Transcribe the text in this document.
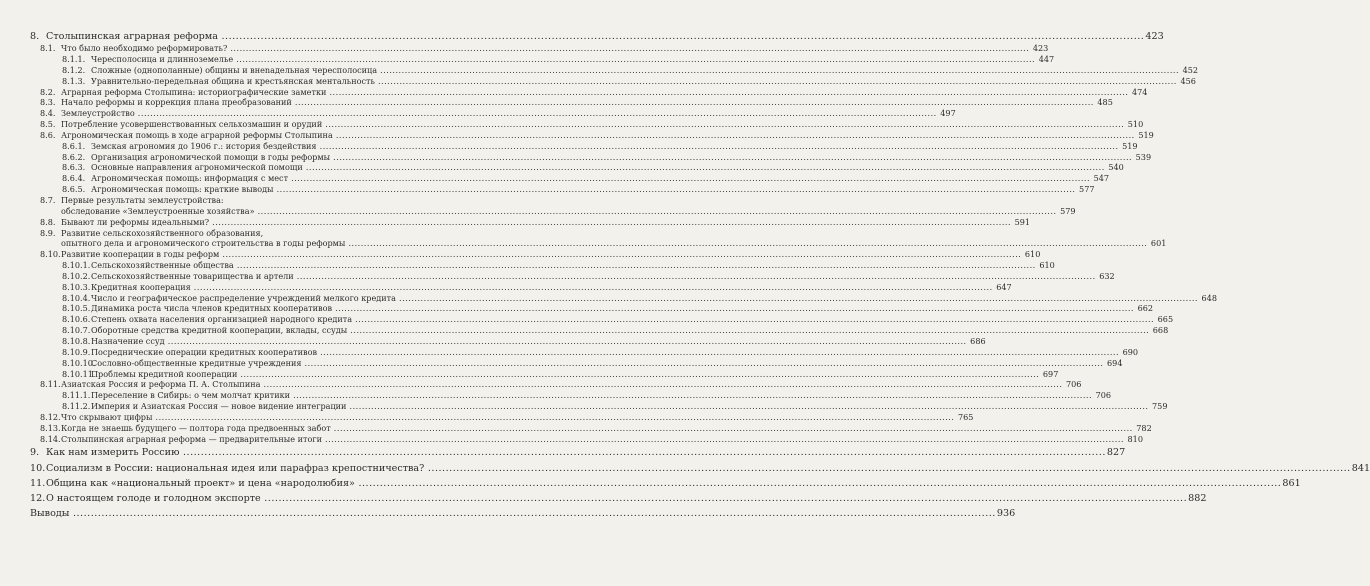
8. Столыпинская аграрная реформа .....	423
8.1. Что было необходимо реформировать? .....	423
8.1.1. Чересполосица и длинноземелье .....	447
8.1.2. Сложные (однополанные) общины и внеnадельная чересполосица .....	452
8.1.3. Уравнительно-передельная община и крестьянская ментальность .....	456
8.2. Аграрная реформа Столыпина: историографические заметки .....	474
8.3. Начало реформы и коррекция плана преобразований .....	485
8.4. Землеустройство .....	497
8.5. Потребление усовершенствованных сельхозмашин и орудий .....	510
8.6. Агрономическая помощь в ходе аграрной реформы Столыпина .....	519
8.6.1. Земская агрономия до 1906 г.: история бездействия .....	519
8.6.2. Организация агрономической помощи в годы реформы .....	539
8.6.3. Основные направления агрономической помощи .....	540
8.6.4. Агрономическая помощь: информация с мест .....	547
8.6.5. Агрономическая помощь: краткие выводы .....	577
8.7. Первые результаты землеустройства:
обследование «Землеустроенные хозяйства» .....	579
8.8. Бывают ли реформы идеальными? .....	591
8.9. Развитие сельскохозяйственного образования,
опытного дела и агрономического строительства в годы реформы .....	601
8.10. Развитие кооперации в годы реформ .....	610
8.10.1. Сельскохозяйственные общества .....	610
8.10.2. Сельскохозяйственные товарищества и артели .....	632
8.10.3. Кредитная кооперация .....	647
8.10.4. Число и географическое распределение учреждений мелкого кредита .....	648
8.10.5. Динамика роста числа членов кредитных кооперативов .....	662
8.10.6. Степень охвата населения организацией народного кредита .....	665
8.10.7. Оборотные средства кредитной кооперации, вклады, ссуды .....	668
8.10.8. Назначение ссуд .....	686
8.10.9. Посреднические операции кредитных кооперативов .....	690
8.10.10.
Сословно-общественные кредитные учреждения .....	694
8.10.11.
Проблемы кредитной кооперации .....	697
8.11. Азиатская Россия и реформа П. А. Столыпина .....	706
8.11.1. Переселение в Сибирь: о чем молчат критики .....	706
8.11.2. Империя и Азиатская Россия — новое видение интеграции .....	759
8.12. Что скрывают цифры .....	765
8.13. Когда не знаешь будущего — полтора года предвоенных забот .....	782
8.14. Столыпинская аграрная реформа — предварительные итоги .....	810
9. Как нам измерить Россию .....	827
10. Социализм в России: национальная идея или парафраз крепостничества? .....	841
11. Община как «национальный проект» и цена «народолюбия» .....	861
12. О настоящем голоде и голодном экспорте .....	882
Выводы .....	936
